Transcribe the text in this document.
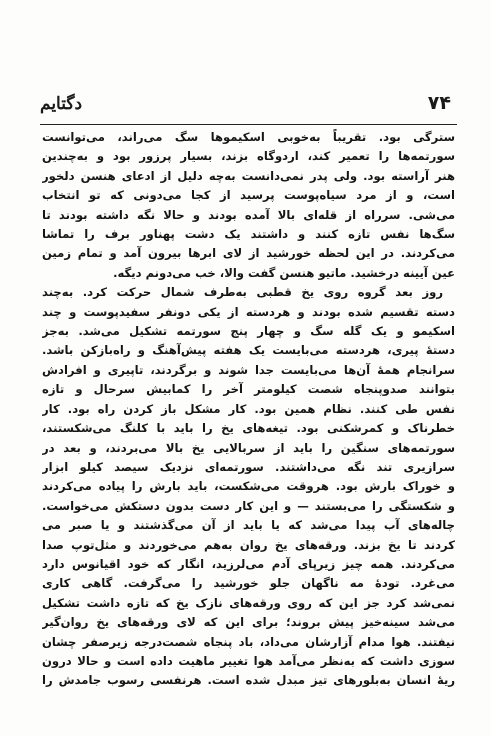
۷۴
دگتایم
سترگی بود. تقریباً به‌خوبی اسکیموها سگ می‌راند، می‌توانست
سورتمه‌ها را تعمیر کند، اردوگاه بزند، بسیار پرزور بود و به‌چندین
هنر آراسته بود. ولی پدر نمی‌دانست به‌چه دلیل از ادعای هنسن دلخور
است، و از مرد سیاه‌پوست پرسید از کجا می‌دونی که تو انتخاب
می‌شی. سرراه از قله‌ای بالا آمده بودند و حالا نگه داشته بودند تا
سگ‌ها نفس تازه کنند و داشتند یک دشت پهناور برف را تماشا
می‌کردند. در این لحظه خورشید از لای ابرها بیرون آمد و تمام زمین
عین آیینه درخشید. ماتیو هنسن گفت والا، خب می‌دونم دیگه.
روز بعد گروه روی یخ قطبی به‌طرف شمال حرکت کرد. به‌چند
دسته تقسیم شده بودند و هردسته از یکی دونفر سفیدپوست و چند
اسکیمو و یک گله سگ و چهار پنج سورتمه تشکیل می‌شد. به‌جز
دستهٔ پیری، هردسته می‌بایست یک هفته پیش‌آهنگ و راه‌بازکن باشد.
سرانجام همهٔ آن‌ها می‌بایست جدا شوند و برگردند، تاپیری و افرادش
بتوانند صدوپنجاه شصت کیلومتر آخر را کمابیش سرحال و تازه
نفس طی کنند. نظام همین بود. کار مشکل باز کردن راه بود. کار
خطرناک و کمرشکنی بود. تیغه‌های یخ را باید با کلنگ می‌شکستند،
سورتمه‌های سنگین را باید از سربالایی یخ بالا می‌بردند، و بعد در
سرازیری تند نگه می‌داشتند. سورتمه‌ای نزدیک سیصد کیلو ابزار
و خوراک بارش بود. هروقت می‌شکست، باید بارش را پیاده می‌کردند
و شکستگی را می‌بستند — و این کار دست بدون دستکش می‌خواست.
چاله‌های آب پیدا می‌شد که یا باید از آن می‌گذشتند و یا صبر می
کردند تا یخ بزند. ورقه‌های یخ روان به‌هم می‌خوردند و مثل‌توپ صدا
می‌کردند. همه چیز زیرپای آدم می‌لرزید، انگار که خود اقیانوس دارد
می‌غرد. تودهٔ مه ناگهان جلو خورشید را می‌گرفت. گاهی کاری
نمی‌شد کرد جز این که روی ورقه‌های نازک یخ که تازه داشت تشکیل
می‌شد سینه‌خیز پیش بروند؛ برای این که لای ورقه‌های یخ روان‌گیر
نیفتند. هوا مدام آزارشان می‌داد، باد پنجاه شصت‌درجه زیرصفر چشان
سوزی داشت که به‌نظر می‌آمد هوا تغییر ماهیت داده است و حالا درون
ریهٔ انسان به‌بلورهای تیز مبدل شده است. هرنفسی رسوب جامدش را
